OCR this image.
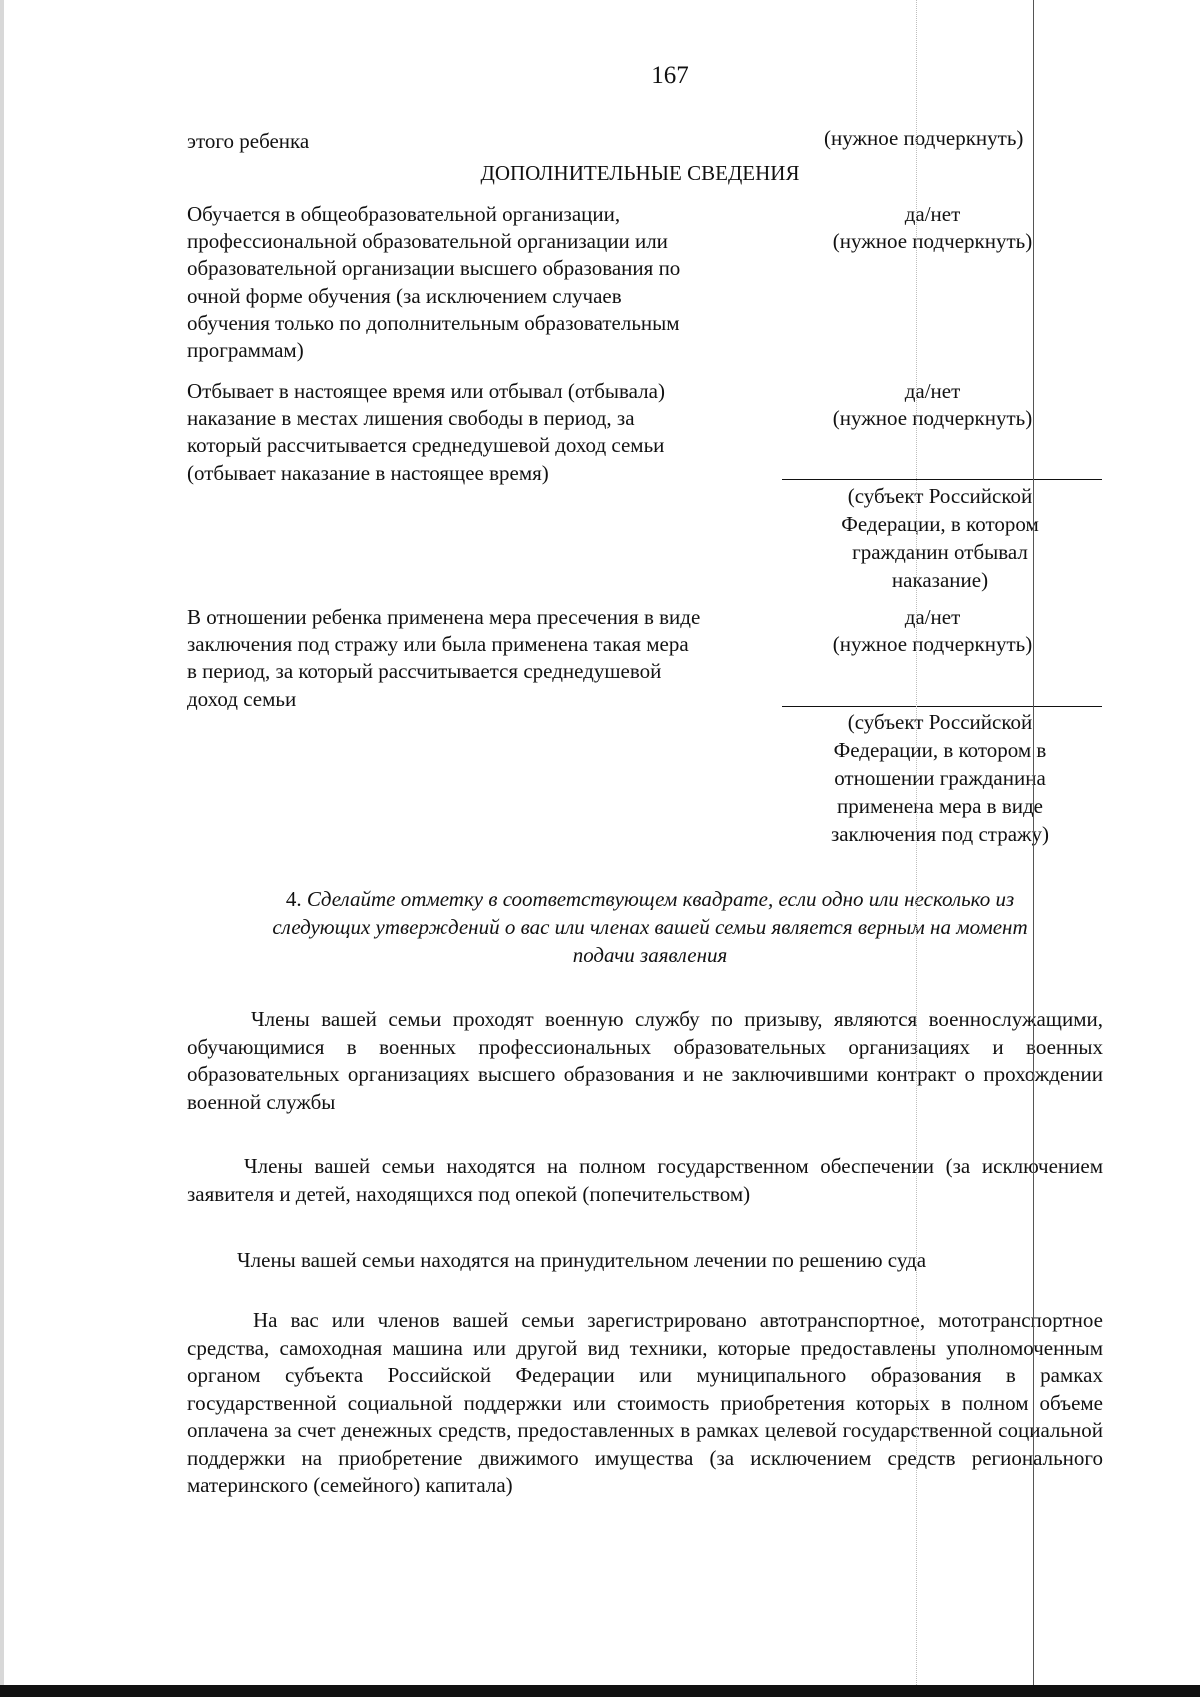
167
этого ребенка	(нужное подчеркнуть)
ДОПОЛНИТЕЛЬНЫЕ СВЕДЕНИЯ
Обучается в общеобразовательной организации,
профессиональной образовательной организации или
образовательной организации высшего образования по
очной форме обучения (за исключением случаев
обучения только по дополнительным образовательным
программам)
да/нет
(нужное подчеркнуть)
Отбывает в настоящее время или отбывал (отбывала)
наказание в местах лишения свободы в период, за
который рассчитывается среднедушевой доход семьи
(отбывает наказание в настоящее время)
да/нет
(нужное подчеркнуть)
(субъект Российской
Федерации, в котором
гражданин отбывал
наказание)
В отношении ребенка применена мера пресечения в виде
заключения под стражу или была применена такая мера
в период, за который рассчитывается среднедушевой
доход семьи
да/нет
(нужное подчеркнуть)
(субъект Российской
Федерации, в котором в
отношении гражданина
применена мера в виде
заключения под стражу)
4. Сделайте отметку в соответствующем квадрате, если одно или несколько из
следующих утверждений о вас или членах вашей семьи является верным на момент
подачи заявления
Члены вашей семьи проходят военную службу по призыву, являются военнослужащими, обучающимися в военных профессиональных образовательных организациях и военных образовательных организациях высшего образования и не заключившими контракт о прохождении военной службы
Члены вашей семьи находятся на полном государственном обеспечении (за исключением заявителя и детей, находящихся под опекой (попечительством)
Члены вашей семьи находятся на принудительном лечении по решению суда
На вас или членов вашей семьи зарегистрировано автотранспортное, мототранспортное средства, самоходная машина или другой вид техники, которые предоставлены уполномоченным органом субъекта Российской Федерации или муниципального образования в рамках государственной социальной поддержки или стоимость приобретения которых в полном объеме оплачена за счет денежных средств, предоставленных в рамках целевой государственной социальной поддержки на приобретение движимого имущества (за исключением средств регионального материнского (семейного) капитала)
